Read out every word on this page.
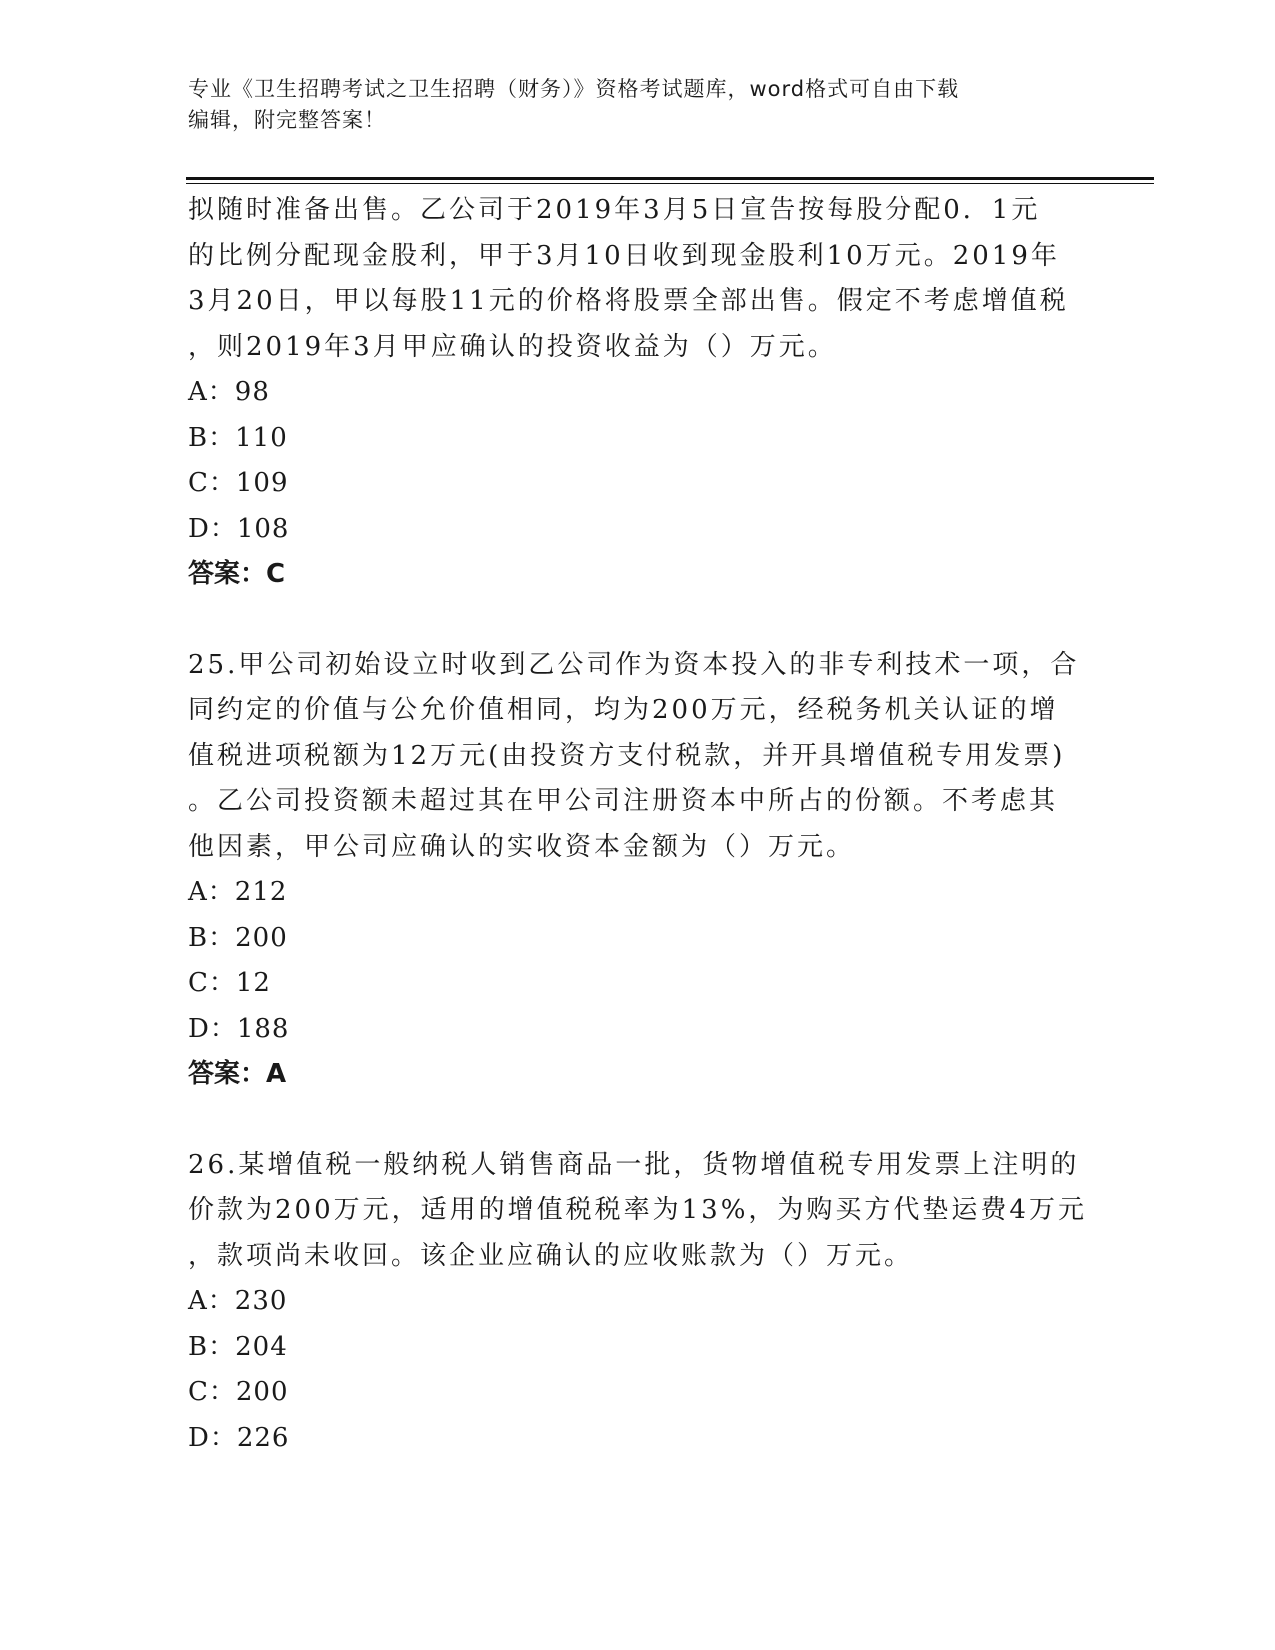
专业《卫生招聘考试之卫生招聘（财务）》资格考试题库，word格式可自由下载
编辑，附完整答案！

拟随时准备出售。乙公司于2019年3月5日宣告按每股分配0．1元

的比例分配现金股利，甲于3月10日收到现金股利10万元。2019年

3月20日，甲以每股11元的价格将股票全部出售。假定不考虑增值税

，则2019年3月甲应确认的投资收益为（）万元。

A：98

B：110

C：109

D：108

答案：C

25.甲公司初始设立时收到乙公司作为资本投入的非专利技术一项，合

同约定的价值与公允价值相同，均为200万元，经税务机关认证的增

值税进项税额为12万元(由投资方支付税款，并开具增值税专用发票)

。乙公司投资额未超过其在甲公司注册资本中所占的份额。不考虑其

他因素，甲公司应确认的实收资本金额为（）万元。

A：212

B：200

C：12

D：188

答案：A

26.某增值税一般纳税人销售商品一批，货物增值税专用发票上注明的

价款为200万元，适用的增值税税率为13%，为购买方代垫运费4万元

，款项尚未收回。该企业应确认的应收账款为（）万元。

A：230

B：204

C：200

D：226
